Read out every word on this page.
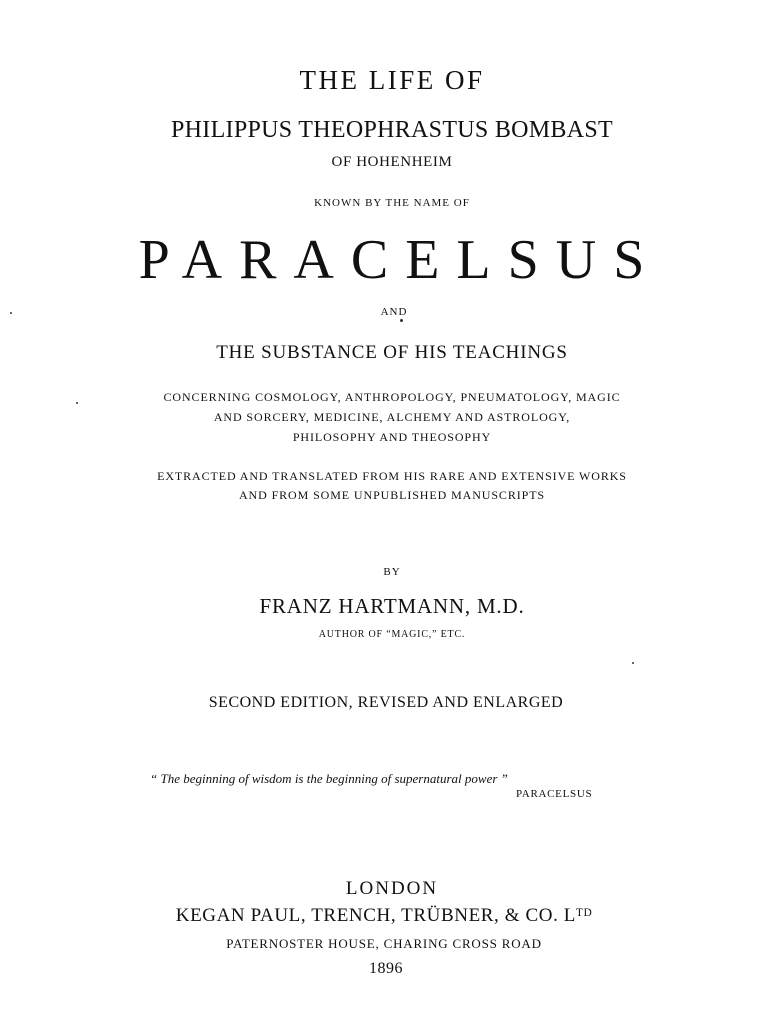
THE LIFE OF
PHILIPPUS THEOPHRASTUS BOMBAST
OF HOHENHEIM
KNOWN BY THE NAME OF
PARACELSUS
AND
THE SUBSTANCE OF HIS TEACHINGS
CONCERNING COSMOLOGY, ANTHROPOLOGY, PNEUMATOLOGY, MAGIC
AND SORCERY, MEDICINE, ALCHEMY AND ASTROLOGY,
PHILOSOPHY AND THEOSOPHY
EXTRACTED AND TRANSLATED FROM HIS RARE AND EXTENSIVE WORKS
AND FROM SOME UNPUBLISHED MANUSCRIPTS
BY
FRANZ HARTMANN, M.D.
AUTHOR OF “MAGIC,” ETC.
SECOND EDITION, REVISED AND ENLARGED
“ The beginning of wisdom is the beginning of supernatural power ”
PARACELSUS
LONDON
KEGAN PAUL, TRENCH, TRÜBNER, & CO. Lᵀᴰ
PATERNOSTER HOUSE, CHARING CROSS ROAD
1896
